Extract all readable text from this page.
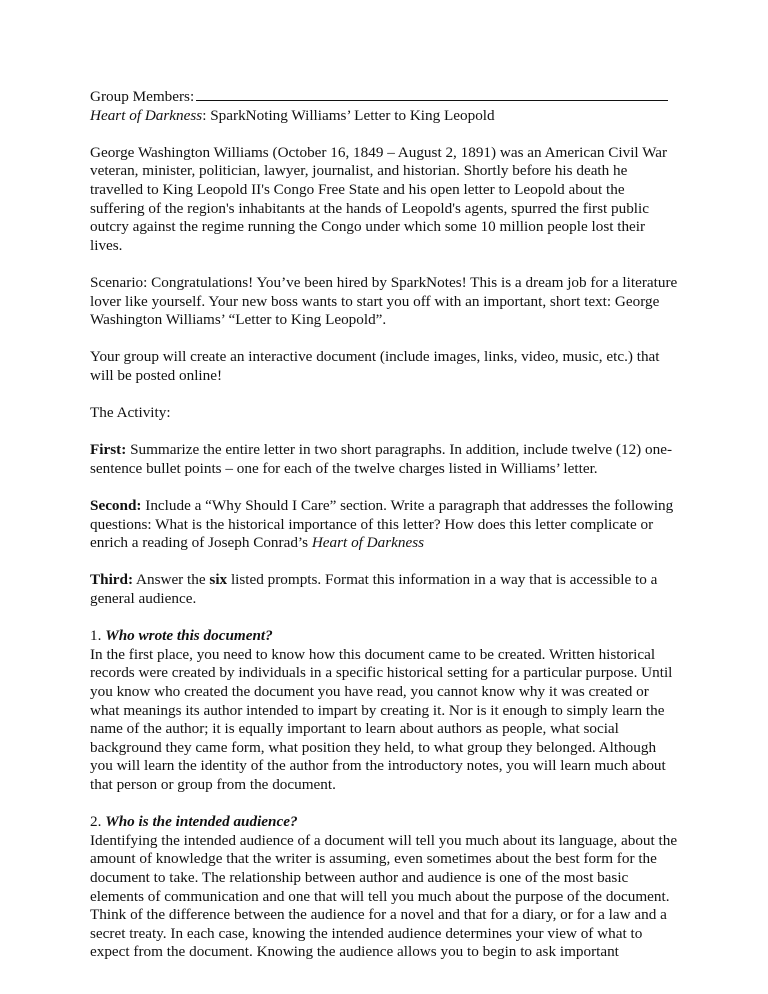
Group Members:

Heart of Darkness: SparkNoting Williams’ Letter to King Leopold

George Washington Williams (October 16, 1849 – August 2, 1891) was an American Civil War veteran, minister, politician, lawyer, journalist, and historian. Shortly before his death he travelled to King Leopold II's Congo Free State and his open letter to Leopold about the suffering of the region's inhabitants at the hands of Leopold's agents, spurred the first public outcry against the regime running the Congo under which some 10 million people lost their lives.

Scenario: Congratulations! You’ve been hired by SparkNotes! This is a dream job for a literature lover like yourself. Your new boss wants to start you off with an important, short text: George Washington Williams’ “Letter to King Leopold”.

Your group will create an interactive document (include images, links, video, music, etc.) that will be posted online!

The Activity:

First: Summarize the entire letter in two short paragraphs. In addition, include twelve (12) one-sentence bullet points – one for each of the twelve charges listed in Williams’ letter.

Second: Include a “Why Should I Care” section. Write a paragraph that addresses the following questions: What is the historical importance of this letter? How does this letter complicate or enrich a reading of Joseph Conrad’s Heart of Darkness

Third: Answer the six listed prompts. Format this information in a way that is accessible to a general audience.

1. Who wrote this document?

In the first place, you need to know how this document came to be created. Written historical records were created by individuals in a specific historical setting for a particular purpose. Until you know who created the document you have read, you cannot know why it was created or what meanings its author intended to impart by creating it. Nor is it enough to simply learn the name of the author; it is equally important to learn about authors as people, what social background they came form, what position they held, to what group they belonged. Although you will learn the identity of the author from the introductory notes, you will learn much about that person or group from the document.

2. Who is the intended audience?

Identifying the intended audience of a document will tell you much about its language, about the amount of knowledge that the writer is assuming, even sometimes about the best form for the document to take. The relationship between author and audience is one of the most basic elements of communication and one that will tell you much about the purpose of the document. Think of the difference between the audience for a novel and that for a diary, or for a law and a secret treaty. In each case, knowing the intended audience determines your view of what to expect from the document. Knowing the audience allows you to begin to ask important
